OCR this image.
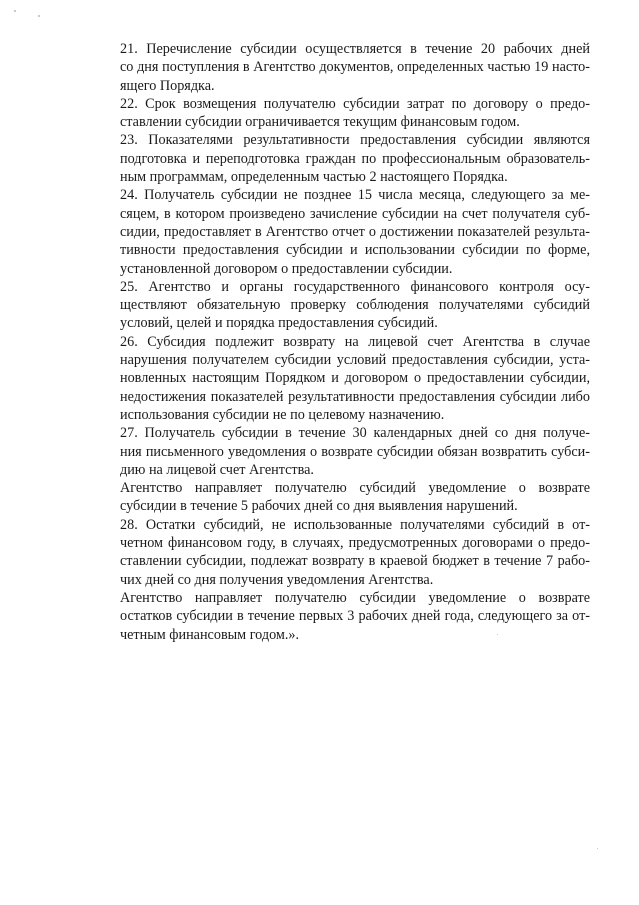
21. Перечисление субсидии осуществляется в течение 20 рабочих дней
со дня поступления в Агентство документов, определенных частью 19 насто-
ящего Порядка.

22. Срок возмещения получателю субсидии затрат по договору о предо-
ставлении субсидии ограничивается текущим финансовым годом.

23. Показателями результативности предоставления субсидии являются
подготовка и переподготовка граждан по профессиональным образователь-
ным программам, определенным частью 2 настоящего Порядка.

24. Получатель субсидии не позднее 15 числа месяца, следующего за ме-
сяцем, в котором произведено зачисление субсидии на счет получателя суб-
сидии, предоставляет в Агентство отчет о достижении показателей результа-
тивности предоставления субсидии и использовании субсидии по форме,
установленной договором о предоставлении субсидии.

25. Агентство и органы государственного финансового контроля осу-
ществляют обязательную проверку соблюдения получателями субсидий
условий, целей и порядка предоставления субсидий.

26. Субсидия подлежит возврату на лицевой счет Агентства в случае
нарушения получателем субсидии условий предоставления субсидии, уста-
новленных настоящим Порядком и договором о предоставлении субсидии,
недостижения показателей результативности предоставления субсидии либо
использования субсидии не по целевому назначению.

27. Получатель субсидии в течение 30 календарных дней со дня получе-
ния письменного уведомления о возврате субсидии обязан возвратить субси-
дию на лицевой счет Агентства.

Агентство направляет получателю субсидий уведомление о возврате
субсидии в течение 5 рабочих дней со дня выявления нарушений.

28. Остатки субсидий, не использованные получателями субсидий в от-
четном финансовом году, в случаях, предусмотренных договорами о предо-
ставлении субсидии, подлежат возврату в краевой бюджет в течение 7 рабо-
чих дней со дня получения уведомления Агентства.

Агентство направляет получателю субсидии уведомление о возврате
остатков субсидии в течение первых 3 рабочих дней года, следующего за от-
четным финансовым годом.».
